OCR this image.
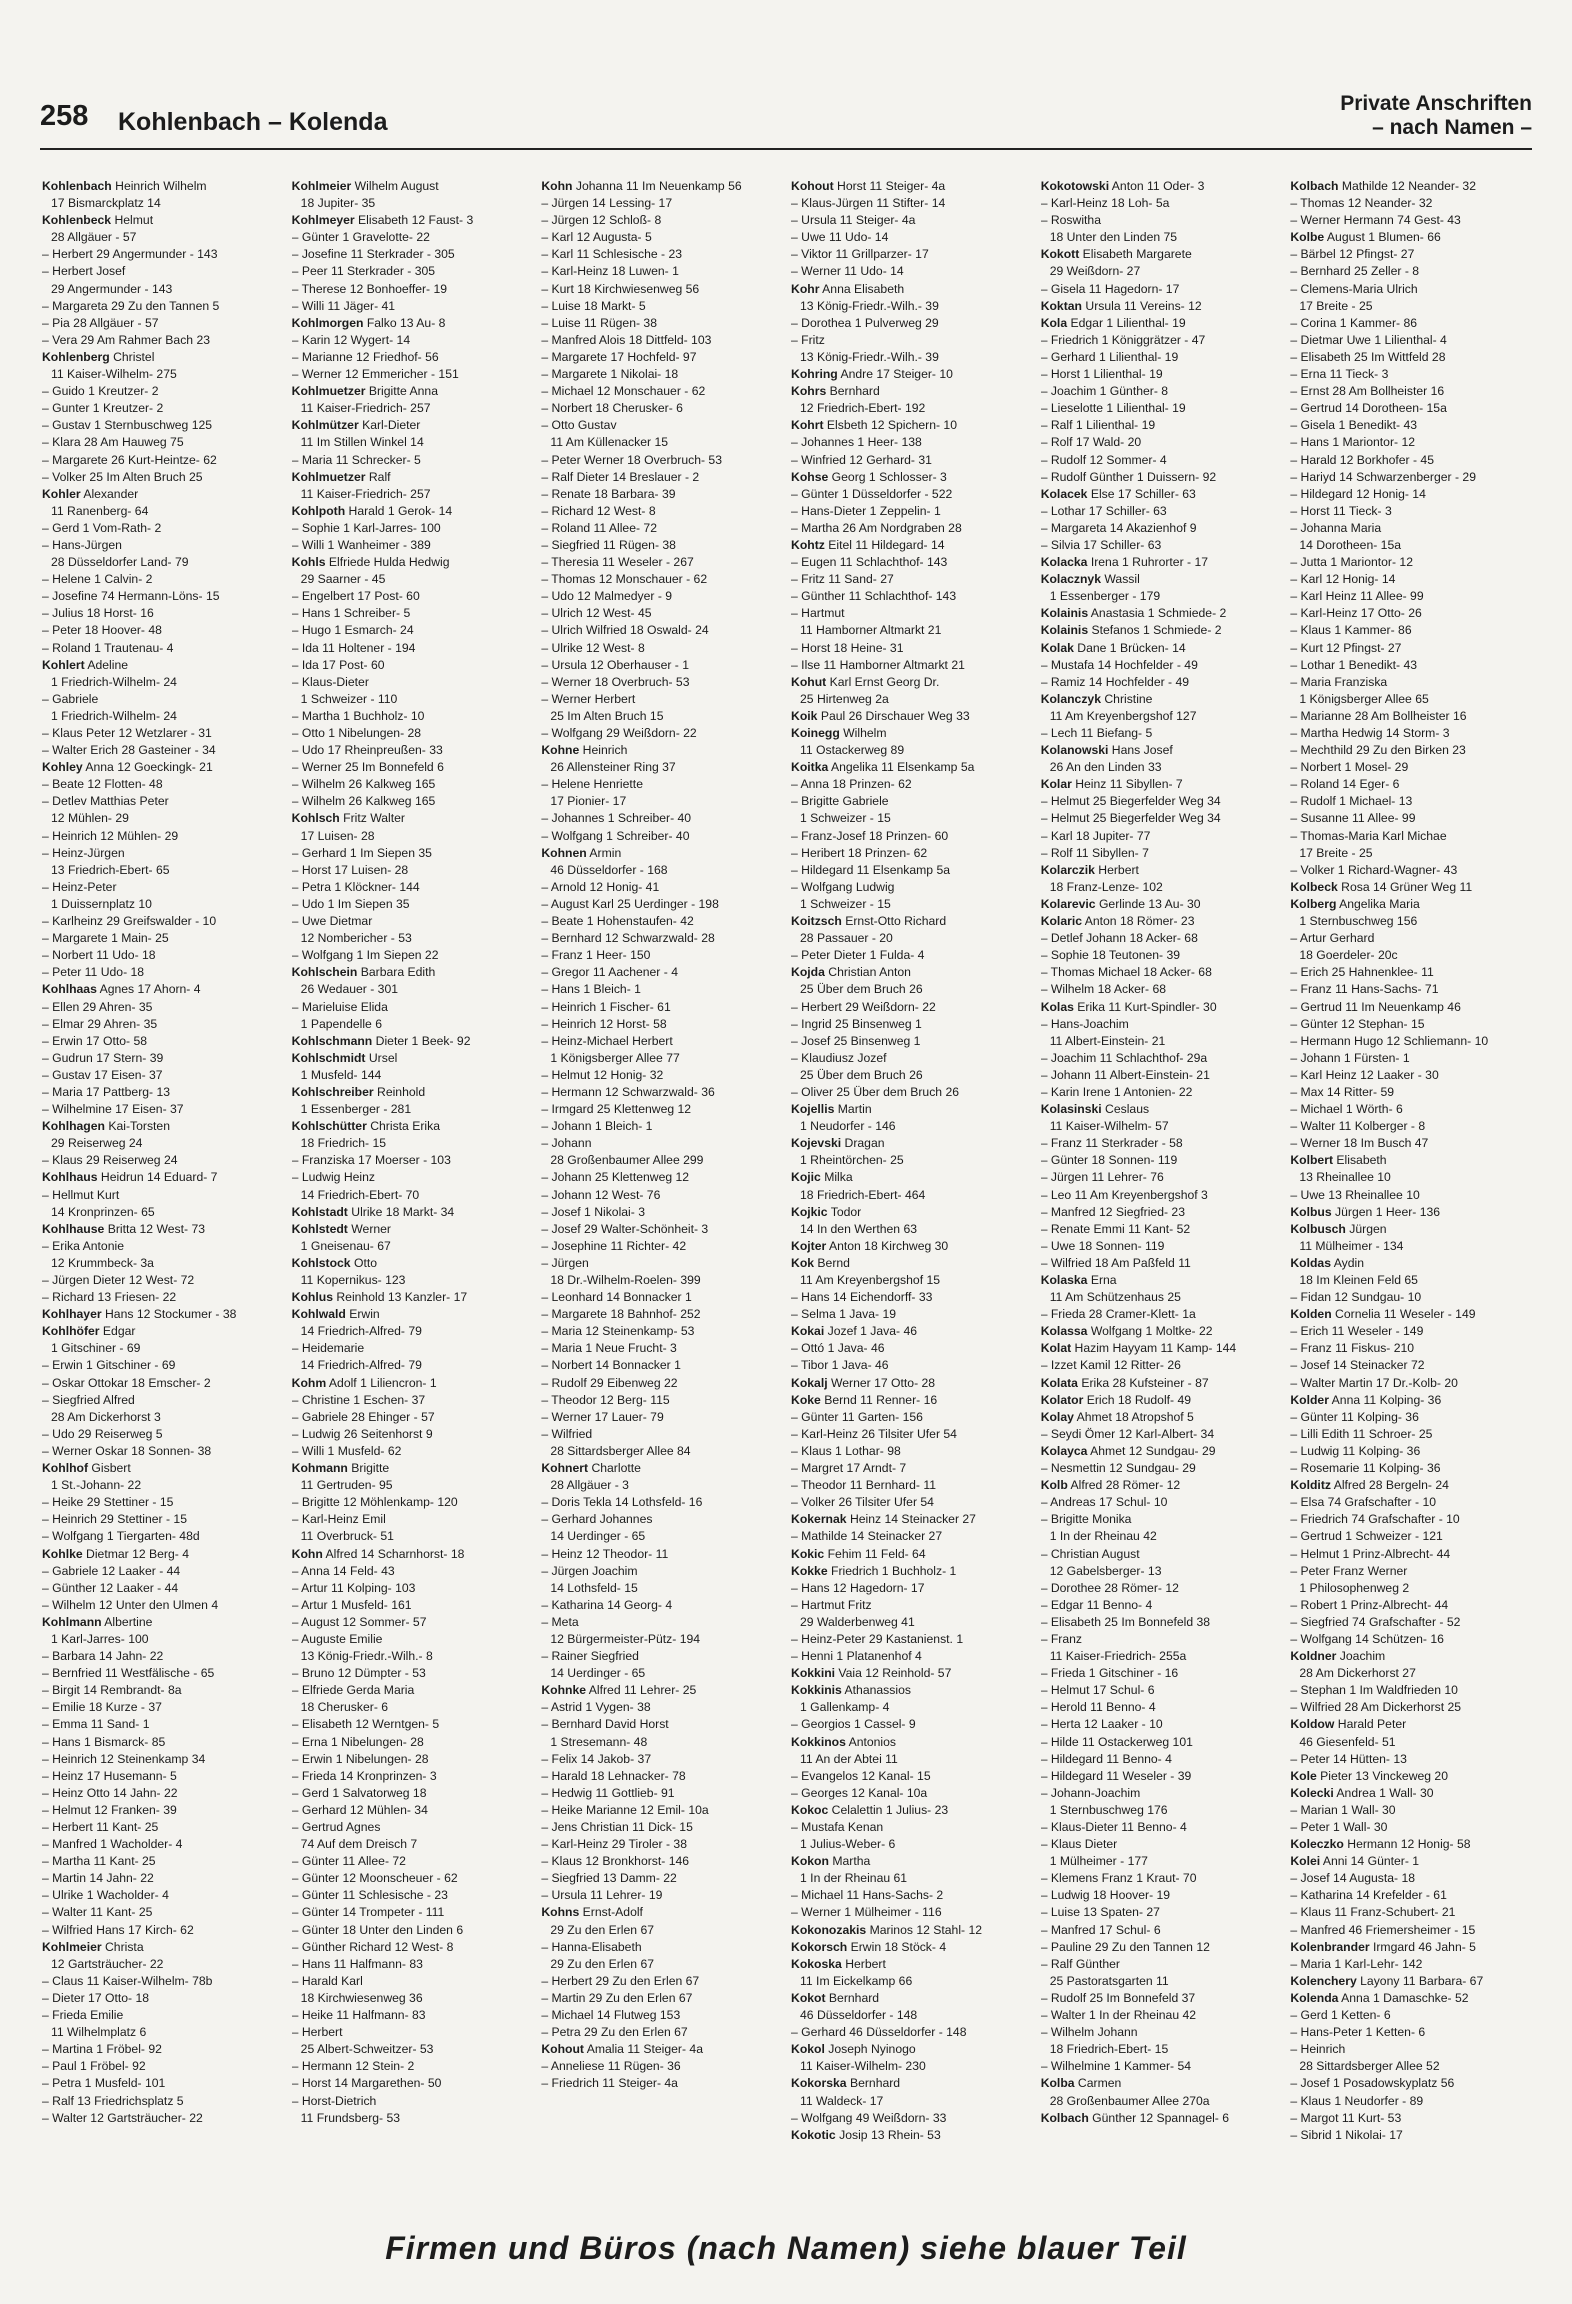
258 Kohlenbach – Kolenda
Private Anschriften
– nach Namen –
Kohlenbach Heinrich Wilhelm
17 Bismarckplatz 14
Kohlenbeck Helmut
28 Allgäuer - 57
– Herbert 29 Angermunder - 143
– Herbert Josef
29 Angermunder - 143
– Margareta 29 Zu den Tannen 5
– Pia 28 Allgäuer - 57
– Vera 29 Am Rahmer Bach 23
Kohlenberg Christel
11 Kaiser-Wilhelm- 275
– Guido 1 Kreutzer- 2
– Gunter 1 Kreutzer- 2
– Gustav 1 Sternbuschweg 125
– Klara 28 Am Hauweg 75
– Margarete 26 Kurt-Heintze- 62
– Volker 25 Im Alten Bruch 25
Kohler Alexander
11 Ranenberg- 64
– Gerd 1 Vom-Rath- 2
– Hans-Jürgen
28 Düsseldorfer Land- 79
– Helene 1 Calvin- 2
– Josefine 74 Hermann-Löns- 15
– Julius 18 Horst- 16
– Peter 18 Hoover- 48
– Roland 1 Trautenau- 4
Kohlert Adeline
1 Friedrich-Wilhelm- 24
– Gabriele
1 Friedrich-Wilhelm- 24
– Klaus Peter 12 Wetzlarer - 31
– Walter Erich 28 Gasteiner - 34
Kohley Anna 12 Goeckingk- 21
– Beate 12 Flotten- 48
– Detlev Matthias Peter
12 Mühlen- 29
– Heinrich 12 Mühlen- 29
– Heinz-Jürgen
13 Friedrich-Ebert- 65
– Heinz-Peter
1 Duissernplatz 10
– Karlheinz 29 Greifswalder - 10
– Margarete 1 Main- 25
– Norbert 11 Udo- 18
– Peter 11 Udo- 18
Kohlhaas Agnes 17 Ahorn- 4
– Ellen 29 Ahren- 35
– Elmar 29 Ahren- 35
– Erwin 17 Otto- 58
– Gudrun 17 Stern- 39
– Gustav 17 Eisen- 37
– Maria 17 Pattberg- 13
– Wilhelmine 17 Eisen- 37
Kohlhagen Kai-Torsten
29 Reiserweg 24
– Klaus 29 Reiserweg 24
Kohlhaus Heidrun 14 Eduard- 7
– Hellmut Kurt
14 Kronprinzen- 65
Kohlhause Britta 12 West- 73
– Erika Antonie
12 Krummbeck- 3a
– Jürgen Dieter 12 West- 72
– Richard 13 Friesen- 22
Kohlhayer Hans 12 Stockumer - 38
Kohlhöfer Edgar
1 Gitschiner - 69
– Erwin 1 Gitschiner - 69
– Oskar Ottokar 18 Emscher- 2
– Siegfried Alfred
28 Am Dickerhorst 3
– Udo 29 Reiserweg 5
– Werner Oskar 18 Sonnen- 38
Kohlhof Gisbert
1 St.-Johann- 22
– Heike 29 Stettiner - 15
– Heinrich 29 Stettiner - 15
– Wolfgang 1 Tiergarten- 48d
Kohlke Dietmar 12 Berg- 4
– Gabriele 12 Laaker - 44
– Günther 12 Laaker - 44
– Wilhelm 12 Unter den Ulmen 4
Kohlmann Albertine
1 Karl-Jarres- 100
– Barbara 14 Jahn- 22
– Bernfried 11 Westfälische - 65
– Birgit 14 Rembrandt- 8a
– Emilie 18 Kurze - 37
– Emma 11 Sand- 1
– Hans 1 Bismarck- 85
– Heinrich 12 Steinenkamp 34
– Heinz 17 Husemann- 5
– Heinz Otto 14 Jahn- 22
– Helmut 12 Franken- 39
– Herbert 11 Kant- 25
– Manfred 1 Wacholder- 4
– Martha 11 Kant- 25
– Martin 14 Jahn- 22
– Ulrike 1 Wacholder- 4
– Walter 11 Kant- 25
– Wilfried Hans 17 Kirch- 62
Kohlmeier Christa
12 Gartsträucher- 22
– Claus 11 Kaiser-Wilhelm- 78b
– Dieter 17 Otto- 18
– Frieda Emilie
11 Wilhelmplatz 6
– Martina 1 Fröbel- 92
– Paul 1 Fröbel- 92
– Petra 1 Musfeld- 101
– Ralf 13 Friedrichsplatz 5
– Walter 12 Gartsträucher- 22
Kohlmeier Wilhelm August
18 Jupiter- 35
Kohlmeyer Elisabeth 12 Faust- 3
– Günter 1 Gravelotte- 22
– Josefine 11 Sterkrader - 305
– Peer 11 Sterkrader - 305
– Therese 12 Bonhoeffer- 19
– Willi 11 Jäger- 41
Kohlmorgen Falko 13 Au- 8
– Karin 12 Wygert- 14
– Marianne 12 Friedhof- 56
– Werner 12 Emmericher - 151
Kohlmuetzer Brigitte Anna
11 Kaiser-Friedrich- 257
Kohlmützer Karl-Dieter
11 Im Stillen Winkel 14
– Maria 11 Schrecker- 5
Kohlmuetzer Ralf
11 Kaiser-Friedrich- 257
Kohlpoth Harald 1 Gerok- 14
– Sophie 1 Karl-Jarres- 100
– Willi 1 Wanheimer - 389
Kohls Elfriede Hulda Hedwig
29 Saarner - 45
– Engelbert 17 Post- 60
– Hans 1 Schreiber- 5
– Hugo 1 Esmarch- 24
– Ida 11 Holtener - 194
– Ida 17 Post- 60
– Klaus-Dieter
1 Schweizer - 110
– Martha 1 Buchholz- 10
– Otto 1 Nibelungen- 28
– Udo 17 Rheinpreußen- 33
– Werner 25 Im Bonnefeld 6
– Wilhelm 26 Kalkweg 165
– Wilhelm 26 Kalkweg 165
Kohlsch Fritz Walter
17 Luisen- 28
– Gerhard 1 Im Siepen 35
– Horst 17 Luisen- 28
– Petra 1 Klöckner- 144
– Udo 1 Im Siepen 35
– Uwe Dietmar
12 Nombericher - 53
– Wolfgang 1 Im Siepen 22
Kohlschein Barbara Edith
26 Wedauer - 301
– Marieluise Elida
1 Papendelle 6
Kohlschmann Dieter 1 Beek- 92
Kohlschmidt Ursel
1 Musfeld- 144
Kohlschreiber Reinhold
1 Essenberger - 281
Kohlschütter Christa Erika
18 Friedrich- 15
– Franziska 17 Moerser - 103
– Ludwig Heinz
14 Friedrich-Ebert- 70
Kohlstadt Ulrike 18 Markt- 34
Kohlstedt Werner
1 Gneisenau- 67
Kohlstock Otto
11 Kopernikus- 123
Kohlus Reinhold 13 Kanzler- 17
Kohlwald Erwin
14 Friedrich-Alfred- 79
– Heidemarie
14 Friedrich-Alfred- 79
Kohm Adolf 1 Liliencron- 1
– Christine 1 Eschen- 37
– Gabriele 28 Ehinger - 57
– Ludwig 26 Seitenhorst 9
– Willi 1 Musfeld- 62
Kohmann Brigitte
11 Gertruden- 95
– Brigitte 12 Möhlenkamp- 120
– Karl-Heinz Emil
11 Overbruck- 51
Kohn Alfred 14 Scharnhorst- 18
– Anna 14 Feld- 43
– Artur 11 Kolping- 103
– Artur 1 Musfeld- 161
– August 12 Sommer- 57
– Auguste Emilie
13 König-Friedr.-Wilh.- 8
– Bruno 12 Dümpter - 53
– Elfriede Gerda Maria
18 Cherusker- 6
– Elisabeth 12 Werntgen- 5
– Erna 1 Nibelungen- 28
– Erwin 1 Nibelungen- 28
– Frieda 14 Kronprinzen- 3
– Gerd 1 Salvatorweg 18
– Gerhard 12 Mühlen- 34
– Gertrud Agnes
74 Auf dem Dreisch 7
– Günter 11 Allee- 72
– Günter 12 Moonscheuer - 62
– Günter 11 Schlesische - 23
– Günter 14 Trompeter - 111
– Günter 18 Unter den Linden 6
– Günther Richard 12 West- 8
– Hans 11 Halfmann- 83
– Harald Karl
18 Kirchwiesenweg 36
– Heike 11 Halfmann- 83
– Herbert
25 Albert-Schweitzer- 53
– Hermann 12 Stein- 2
– Horst 14 Margarethen- 50
– Horst-Dietrich
11 Frundsberg- 53
Kohn Johanna 11 Im Neuenkamp 56
– Jürgen 14 Lessing- 17
– Jürgen 12 Schloß- 8
– Karl 12 Augusta- 5
– Karl 11 Schlesische - 23
– Karl-Heinz 18 Luwen- 1
– Kurt 18 Kirchwiesenweg 56
– Luise 18 Markt- 5
– Luise 11 Rügen- 38
– Manfred Alois 18 Dittfeld- 103
– Margarete 17 Hochfeld- 97
– Margarete 1 Nikolai- 18
– Michael 12 Monschauer - 62
– Norbert 18 Cherusker- 6
– Otto Gustav
11 Am Küllenacker 15
– Peter Werner 18 Overbruch- 53
– Ralf Dieter 14 Breslauer - 2
– Renate 18 Barbara- 39
– Richard 12 West- 8
– Roland 11 Allee- 72
– Siegfried 11 Rügen- 38
– Theresia 11 Weseler - 267
– Thomas 12 Monschauer - 62
– Udo 12 Malmedyer - 9
– Ulrich 12 West- 45
– Ulrich Wilfried 18 Oswald- 24
– Ulrike 12 West- 8
– Ursula 12 Oberhauser - 1
– Werner 18 Overbruch- 53
– Werner Herbert
25 Im Alten Bruch 15
– Wolfgang 29 Weißdorn- 22
Kohne Heinrich
26 Allensteiner Ring 37
– Helene Henriette
17 Pionier- 17
– Johannes 1 Schreiber- 40
– Wolfgang 1 Schreiber- 40
Kohnen Armin
46 Düsseldorfer - 168
– Arnold 12 Honig- 41
– August Karl 25 Uerdinger - 198
– Beate 1 Hohenstaufen- 42
– Bernhard 12 Schwarzwald- 28
– Franz 1 Heer- 150
– Gregor 11 Aachener - 4
– Hans 1 Bleich- 1
– Heinrich 1 Fischer- 61
– Heinrich 12 Horst- 58
– Heinz-Michael Herbert
1 Königsberger Allee 77
– Helmut 12 Honig- 32
– Hermann 12 Schwarzwald- 36
– Irmgard 25 Klettenweg 12
– Johann 1 Bleich- 1
– Johann
28 Großenbaumer Allee 299
– Johann 25 Klettenweg 12
– Johann 12 West- 76
– Josef 1 Nikolai- 3
– Josef 29 Walter-Schönheit- 3
– Josephine 11 Richter- 42
– Jürgen
18 Dr.-Wilhelm-Roelen- 399
– Leonhard 14 Bonnacker 1
– Margarete 18 Bahnhof- 252
– Maria 12 Steinenkamp- 53
– Maria 1 Neue Frucht- 3
– Norbert 14 Bonnacker 1
– Rudolf 29 Eibenweg 22
– Theodor 12 Berg- 115
– Werner 17 Lauer- 79
– Wilfried
28 Sittardsberger Allee 84
Kohnert Charlotte
28 Allgäuer - 3
– Doris Tekla 14 Lothsfeld- 16
– Gerhard Johannes
14 Uerdinger - 65
– Heinz 12 Theodor- 11
– Jürgen Joachim
14 Lothsfeld- 15
– Katharina 14 Georg- 4
– Meta
12 Bürgermeister-Pütz- 194
– Rainer Siegfried
14 Uerdinger - 65
Kohnke Alfred 11 Lehrer- 25
– Astrid 1 Vygen- 38
– Bernhard David Horst
1 Stresemann- 48
– Felix 14 Jakob- 37
– Harald 18 Lehnacker- 78
– Hedwig 11 Gottlieb- 91
– Heike Marianne 12 Emil- 10a
– Jens Christian 11 Dick- 15
– Karl-Heinz 29 Tiroler - 38
– Klaus 12 Bronkhorst- 146
– Siegfried 13 Damm- 22
– Ursula 11 Lehrer- 19
Kohns Ernst-Adolf
29 Zu den Erlen 67
– Hanna-Elisabeth
29 Zu den Erlen 67
– Herbert 29 Zu den Erlen 67
– Martin 29 Zu den Erlen 67
– Michael 14 Flutweg 153
– Petra 29 Zu den Erlen 67
Kohout Amalia 11 Steiger- 4a
– Anneliese 11 Rügen- 36
– Friedrich 11 Steiger- 4a
Kohout Horst 11 Steiger- 4a
– Klaus-Jürgen 11 Stifter- 14
– Ursula 11 Steiger- 4a
– Uwe 11 Udo- 14
– Viktor 11 Grillparzer- 17
– Werner 11 Udo- 14
Kohr Anna Elisabeth
13 König-Friedr.-Wilh.- 39
– Dorothea 1 Pulverweg 29
– Fritz
13 König-Friedr.-Wilh.- 39
Kohring Andre 17 Steiger- 10
Kohrs Bernhard
12 Friedrich-Ebert- 192
Kohrt Elsbeth 12 Spichern- 10
– Johannes 1 Heer- 138
– Winfried 12 Gerhard- 31
Kohse Georg 1 Schlosser- 3
– Günter 1 Düsseldorfer - 522
– Hans-Dieter 1 Zeppelin- 1
– Martha 26 Am Nordgraben 28
Kohtz Eitel 11 Hildegard- 14
– Eugen 11 Schlachthof- 143
– Fritz 11 Sand- 27
– Günther 11 Schlachthof- 143
– Hartmut
11 Hamborner Altmarkt 21
– Horst 18 Heine- 31
– Ilse 11 Hamborner Altmarkt 21
Kohut Karl Ernst Georg Dr.
25 Hirtenweg 2a
Koik Paul 26 Dirschauer Weg 33
Koinegg Wilhelm
11 Ostackerweg 89
Koitka Angelika 11 Elsenkamp 5a
– Anna 18 Prinzen- 62
– Brigitte Gabriele
1 Schweizer - 15
– Franz-Josef 18 Prinzen- 60
– Heribert 18 Prinzen- 62
– Hildegard 11 Elsenkamp 5a
– Wolfgang Ludwig
1 Schweizer - 15
Koitzsch Ernst-Otto Richard
28 Passauer - 20
– Peter Dieter 1 Fulda- 4
Kojda Christian Anton
25 Über dem Bruch 26
– Herbert 29 Weißdorn- 22
– Ingrid 25 Binsenweg 1
– Josef 25 Binsenweg 1
– Klaudiusz Jozef
25 Über dem Bruch 26
– Oliver 25 Über dem Bruch 26
Kojellis Martin
1 Neudorfer - 146
Kojevski Dragan
1 Rheintörchen- 25
Kojic Milka
18 Friedrich-Ebert- 464
Kojkic Todor
14 In den Werthen 63
Kojter Anton 18 Kirchweg 30
Kok Bernd
11 Am Kreyenbergshof 15
– Hans 14 Eichendorff- 33
– Selma 1 Java- 19
Kokai Jozef 1 Java- 46
– Ottó 1 Java- 46
– Tibor 1 Java- 46
Kokalj Werner 17 Otto- 28
Koke Bernd 11 Renner- 16
– Günter 11 Garten- 156
– Karl-Heinz 26 Tilsiter Ufer 54
– Klaus 1 Lothar- 98
– Margret 17 Arndt- 7
– Theodor 11 Bernhard- 11
– Volker 26 Tilsiter Ufer 54
Kokernak Heinz 14 Steinacker 27
– Mathilde 14 Steinacker 27
Kokic Fehim 11 Feld- 64
Kokke Friedrich 1 Buchholz- 1
– Hans 12 Hagedorn- 17
– Hartmut Fritz
29 Walderbenweg 41
– Heinz-Peter 29 Kastanienst. 1
– Henni 1 Platanenhof 4
Kokkini Vaia 12 Reinhold- 57
Kokkinis Athanassios
1 Gallenkamp- 4
– Georgios 1 Cassel- 9
Kokkinos Antonios
11 An der Abtei 11
– Evangelos 12 Kanal- 15
– Georges 12 Kanal- 10a
Kokoc Celalettin 1 Julius- 23
– Mustafa Kenan
1 Julius-Weber- 6
Kokon Martha
1 In der Rheinau 61
– Michael 11 Hans-Sachs- 2
– Werner 1 Mülheimer - 116
Kokonozakis Marinos 12 Stahl- 12
Kokorsch Erwin 18 Stöck- 4
Kokoska Herbert
11 Im Eickelkamp 66
Kokot Bernhard
46 Düsseldorfer - 148
– Gerhard 46 Düsseldorfer - 148
Kokol Joseph Nyinogo
11 Kaiser-Wilhelm- 230
Kokorska Bernhard
11 Waldeck- 17
– Wolfgang 49 Weißdorn- 33
Kokotic Josip 13 Rhein- 53
Kokotowski Anton 11 Oder- 3
– Karl-Heinz 18 Loh- 5a
– Roswitha
18 Unter den Linden 75
Kokott Elisabeth Margarete
29 Weißdorn- 27
– Gisela 11 Hagedorn- 17
Koktan Ursula 11 Vereins- 12
Kola Edgar 1 Lilienthal- 19
– Friedrich 1 Königgrätzer - 47
– Gerhard 1 Lilienthal- 19
– Horst 1 Lilienthal- 19
– Joachim 1 Günther- 8
– Lieselotte 1 Lilienthal- 19
– Ralf 1 Lilienthal- 19
– Rolf 17 Wald- 20
– Rudolf 12 Sommer- 4
– Rudolf Günther 1 Duissern- 92
Kolacek Else 17 Schiller- 63
– Lothar 17 Schiller- 63
– Margareta 14 Akazienhof 9
– Silvia 17 Schiller- 63
Kolacka Irena 1 Ruhrorter - 17
Kolacznyk Wassil
1 Essenberger - 179
Kolainis Anastasia 1 Schmiede- 2
Kolainis Stefanos 1 Schmiede- 2
Kolak Dane 1 Brücken- 14
– Mustafa 14 Hochfelder - 49
– Ramiz 14 Hochfelder - 49
Kolanczyk Christine
11 Am Kreyenbergshof 127
– Lech 11 Biefang- 5
Kolanowski Hans Josef
26 An den Linden 33
Kolar Heinz 11 Sibyllen- 7
– Helmut 25 Biegerfelder Weg 34
– Helmut 25 Biegerfelder Weg 34
– Karl 18 Jupiter- 77
– Rolf 11 Sibyllen- 7
Kolarczik Herbert
18 Franz-Lenze- 102
Kolarevic Gerlinde 13 Au- 30
Kolaric Anton 18 Römer- 23
– Detlef Johann 18 Acker- 68
– Sophie 18 Teutonen- 39
– Thomas Michael 18 Acker- 68
– Wilhelm 18 Acker- 68
Kolas Erika 11 Kurt-Spindler- 30
– Hans-Joachim
11 Albert-Einstein- 21
– Joachim 11 Schlachthof- 29a
– Johann 11 Albert-Einstein- 21
– Karin Irene 1 Antonien- 22
Kolasinski Ceslaus
11 Kaiser-Wilhelm- 57
– Franz 11 Sterkrader - 58
– Günter 18 Sonnen- 119
– Jürgen 11 Lehrer- 76
– Leo 11 Am Kreyenbergshof 3
– Manfred 12 Siegfried- 23
– Renate Emmi 11 Kant- 52
– Uwe 18 Sonnen- 119
– Wilfried 18 Am Paßfeld 11
Kolaska Erna
11 Am Schützenhaus 25
– Frieda 28 Cramer-Klett- 1a
Kolassa Wolfgang 1 Moltke- 22
Kolat Hazim Hayyam 11 Kamp- 144
– Izzet Kamil 12 Ritter- 26
Kolata Erika 28 Kufsteiner - 87
Kolator Erich 18 Rudolf- 49
Kolay Ahmet 18 Atropshof 5
– Seydi Ömer 12 Karl-Albert- 34
Kolayca Ahmet 12 Sundgau- 29
– Nesmettin 12 Sundgau- 29
Kolb Alfred 28 Römer- 12
– Andreas 17 Schul- 10
– Brigitte Monika
1 In der Rheinau 42
– Christian August
12 Gabelsberger- 13
– Dorothee 28 Römer- 12
– Edgar 11 Benno- 4
– Elisabeth 25 Im Bonnefeld 38
– Franz
11 Kaiser-Friedrich- 255a
– Frieda 1 Gitschiner - 16
– Helmut 17 Schul- 6
– Herold 11 Benno- 4
– Herta 12 Laaker - 10
– Hilde 11 Ostackerweg 101
– Hildegard 11 Benno- 4
– Hildegard 11 Weseler - 39
– Johann-Joachim
1 Sternbuschweg 176
– Klaus-Dieter 11 Benno- 4
– Klaus Dieter
1 Mülheimer - 177
– Klemens Franz 1 Kraut- 70
– Ludwig 18 Hoover- 19
– Luise 13 Spaten- 27
– Manfred 17 Schul- 6
– Pauline 29 Zu den Tannen 12
– Ralf Günther
25 Pastoratsgarten 11
– Rudolf 25 Im Bonnefeld 37
– Walter 1 In der Rheinau 42
– Wilhelm Johann
18 Friedrich-Ebert- 15
– Wilhelmine 1 Kammer- 54
Kolba Carmen
28 Großenbaumer Allee 270a
Kolbach Günther 12 Spannagel- 6
Kolbach Mathilde 12 Neander- 32
– Thomas 12 Neander- 32
– Werner Hermann 74 Gest- 43
Kolbe August 1 Blumen- 66
– Bärbel 12 Pfingst- 27
– Bernhard 25 Zeller - 8
– Clemens-Maria Ulrich
17 Breite - 25
– Corina 1 Kammer- 86
– Dietmar Uwe 1 Lilienthal- 4
– Elisabeth 25 Im Wittfeld 28
– Erna 11 Tieck- 3
– Ernst 28 Am Bollheister 16
– Gertrud 14 Dorotheen- 15a
– Gisela 1 Benedikt- 43
– Hans 1 Mariontor- 12
– Harald 12 Borkhofer - 45
– Hariyd 14 Schwarzenberger - 29
– Hildegard 12 Honig- 14
– Horst 11 Tieck- 3
– Johanna Maria
14 Dorotheen- 15a
– Jutta 1 Mariontor- 12
– Karl 12 Honig- 14
– Karl Heinz 11 Allee- 99
– Karl-Heinz 17 Otto- 26
– Klaus 1 Kammer- 86
– Kurt 12 Pfingst- 27
– Lothar 1 Benedikt- 43
– Maria Franziska
1 Königsberger Allee 65
– Marianne 28 Am Bollheister 16
– Martha Hedwig 14 Storm- 3
– Mechthild 29 Zu den Birken 23
– Norbert 1 Mosel- 29
– Roland 14 Eger- 6
– Rudolf 1 Michael- 13
– Susanne 11 Allee- 99
– Thomas-Maria Karl Michae
17 Breite - 25
– Volker 1 Richard-Wagner- 43
Kolbeck Rosa 14 Grüner Weg 11
Kolberg Angelika Maria
1 Sternbuschweg 156
– Artur Gerhard
18 Goerdeler- 20c
– Erich 25 Hahnenklee- 11
– Franz 11 Hans-Sachs- 71
– Gertrud 11 Im Neuenkamp 46
– Günter 12 Stephan- 15
– Hermann Hugo 12 Schliemann- 10
– Johann 1 Fürsten- 1
– Karl Heinz 12 Laaker - 30
– Max 14 Ritter- 59
– Michael 1 Wörth- 6
– Walter 11 Kolberger - 8
– Werner 18 Im Busch 47
Kolbert Elisabeth
13 Rheinallee 10
– Uwe 13 Rheinallee 10
Kolbus Jürgen 1 Heer- 136
Kolbusch Jürgen
11 Mülheimer - 134
Koldas Aydin
18 Im Kleinen Feld 65
– Fidan 12 Sundgau- 10
Kolden Cornelia 11 Weseler - 149
– Erich 11 Weseler - 149
– Franz 11 Fiskus- 210
– Josef 14 Steinacker 72
– Walter Martin 17 Dr.-Kolb- 20
Kolder Anna 11 Kolping- 36
– Günter 11 Kolping- 36
– Lilli Edith 11 Schroer- 25
– Ludwig 11 Kolping- 36
– Rosemarie 11 Kolping- 36
Kolditz Alfred 28 Bergeln- 24
– Elsa 74 Grafschafter - 10
– Friedrich 74 Grafschafter - 10
– Gertrud 1 Schweizer - 121
– Helmut 1 Prinz-Albrecht- 44
– Peter Franz Werner
1 Philosophenweg 2
– Robert 1 Prinz-Albrecht- 44
– Siegfried 74 Grafschafter - 52
– Wolfgang 14 Schützen- 16
Koldner Joachim
28 Am Dickerhorst 27
– Stephan 1 Im Waldfrieden 10
– Wilfried 28 Am Dickerhorst 25
Koldow Harald Peter
46 Giesenfeld- 51
– Peter 14 Hütten- 13
Kole Pieter 13 Vinckeweg 20
Kolecki Andrea 1 Wall- 30
– Marian 1 Wall- 30
– Peter 1 Wall- 30
Koleczko Hermann 12 Honig- 58
Kolei Anni 14 Günter- 1
– Josef 14 Augusta- 18
– Katharina 14 Krefelder - 61
– Klaus 11 Franz-Schubert- 21
– Manfred 46 Friemersheimer - 15
Kolenbrander Irmgard 46 Jahn- 5
– Maria 1 Karl-Lehr- 142
Kolenchery Layony 11 Barbara- 67
Kolenda Anna 1 Damaschke- 52
– Gerd 1 Ketten- 6
– Hans-Peter 1 Ketten- 6
– Heinrich
28 Sittardsberger Allee 52
– Josef 1 Posadowskyplatz 56
– Klaus 1 Neudorfer - 89
– Margot 11 Kurt- 53
– Sibrid 1 Nikolai- 17
Firmen und Büros (nach Namen) siehe blauer Teil
